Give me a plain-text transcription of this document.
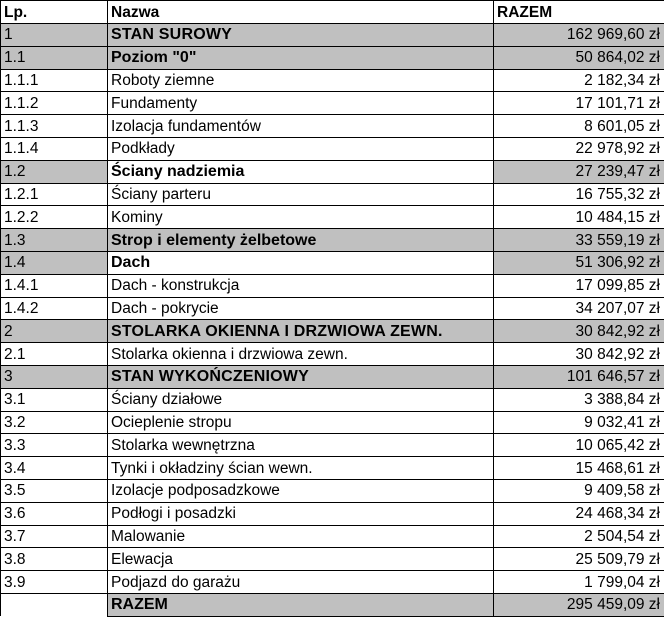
Lp.	Nazwa	RAZEM
1	STAN SUROWY	162 969,60 zł
1.1	Poziom "0"	50 864,02 zł
1.1.1	Roboty ziemne	2 182,34 zł
1.1.2	Fundamenty	17 101,71 zł
1.1.3	Izolacja fundamentów	8 601,05 zł
1.1.4	Podkłady	22 978,92 zł
1.2	Ściany nadziemia	27 239,47 zł
1.2.1	Ściany parteru	16 755,32 zł
1.2.2	Kominy	10 484,15 zł
1.3	Strop i elementy żelbetowe	33 559,19 zł
1.4	Dach	51 306,92 zł
1.4.1	Dach - konstrukcja	17 099,85 zł
1.4.2	Dach - pokrycie	34 207,07 zł
2	STOLARKA OKIENNA I DRZWIOWA ZEWN.	30 842,92 zł
2.1	Stolarka okienna i drzwiowa zewn.	30 842,92 zł
3	STAN WYKOŃCZENIOWY	101 646,57 zł
3.1	Ściany działowe	3 388,84 zł
3.2	Ocieplenie stropu	9 032,41 zł
3.3	Stolarka wewnętrzna	10 065,42 zł
3.4	Tynki i okładziny ścian wewn.	15 468,61 zł
3.5	Izolacje podposadzkowe	9 409,58 zł
3.6	Podłogi i posadzki	24 468,34 zł
3.7	Malowanie	2 504,54 zł
3.8	Elewacja	25 509,79 zł
3.9	Podjazd do garażu	1 799,04 zł
	RAZEM	295 459,09 zł
